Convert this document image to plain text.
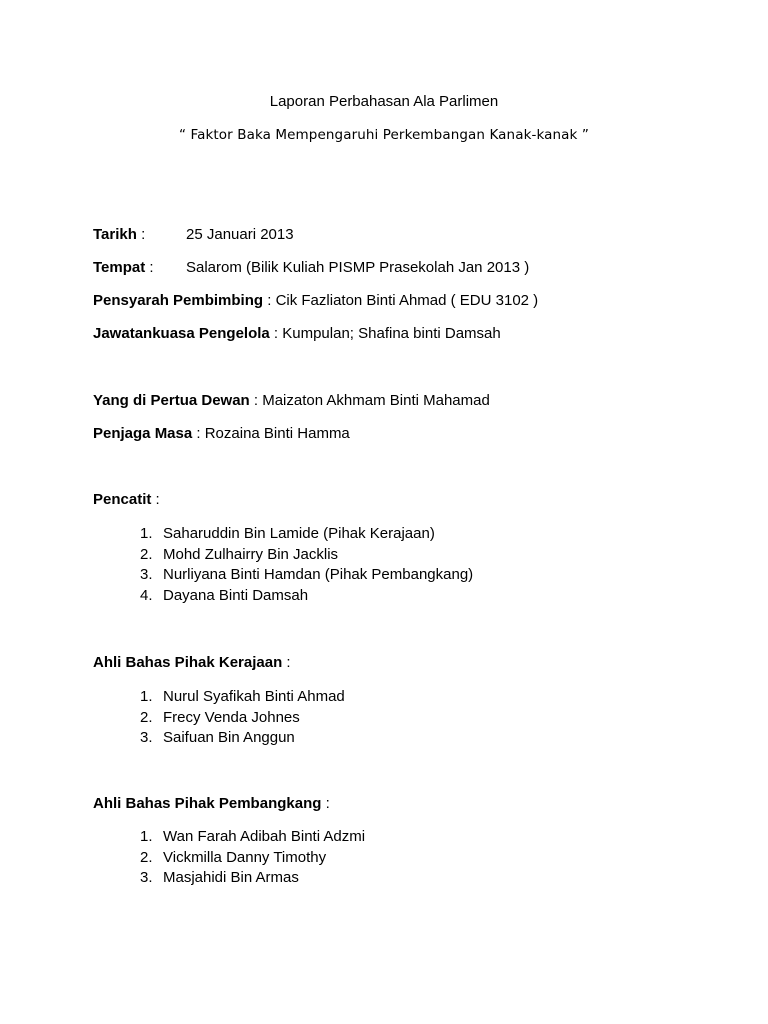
Laporan Perbahasan Ala Parlimen
“ Faktor Baka Mempengaruhi Perkembangan Kanak-kanak ”
Tarikh :	25 Januari 2013
Tempat : Salarom (Bilik Kuliah PISMP Prasekolah Jan 2013 )
Pensyarah Pembimbing : Cik Fazliaton Binti Ahmad ( EDU 3102 )
Jawatankuasa Pengelola : Kumpulan; Shafina binti Damsah
Yang di Pertua Dewan : Maizaton Akhmam Binti Mahamad
Penjaga Masa : Rozaina Binti Hamma
Pencatit :
1. Saharuddin Bin Lamide (Pihak Kerajaan)
2. Mohd Zulhairry Bin Jacklis
3. Nurliyana Binti Hamdan (Pihak Pembangkang)
4. Dayana Binti Damsah
Ahli Bahas Pihak Kerajaan :
1. Nurul Syafikah Binti Ahmad
2. Frecy Venda Johnes
3. Saifuan Bin Anggun
Ahli Bahas Pihak Pembangkang :
1. Wan Farah Adibah Binti Adzmi
2. Vickmilla Danny Timothy
3. Masjahidi Bin Armas
